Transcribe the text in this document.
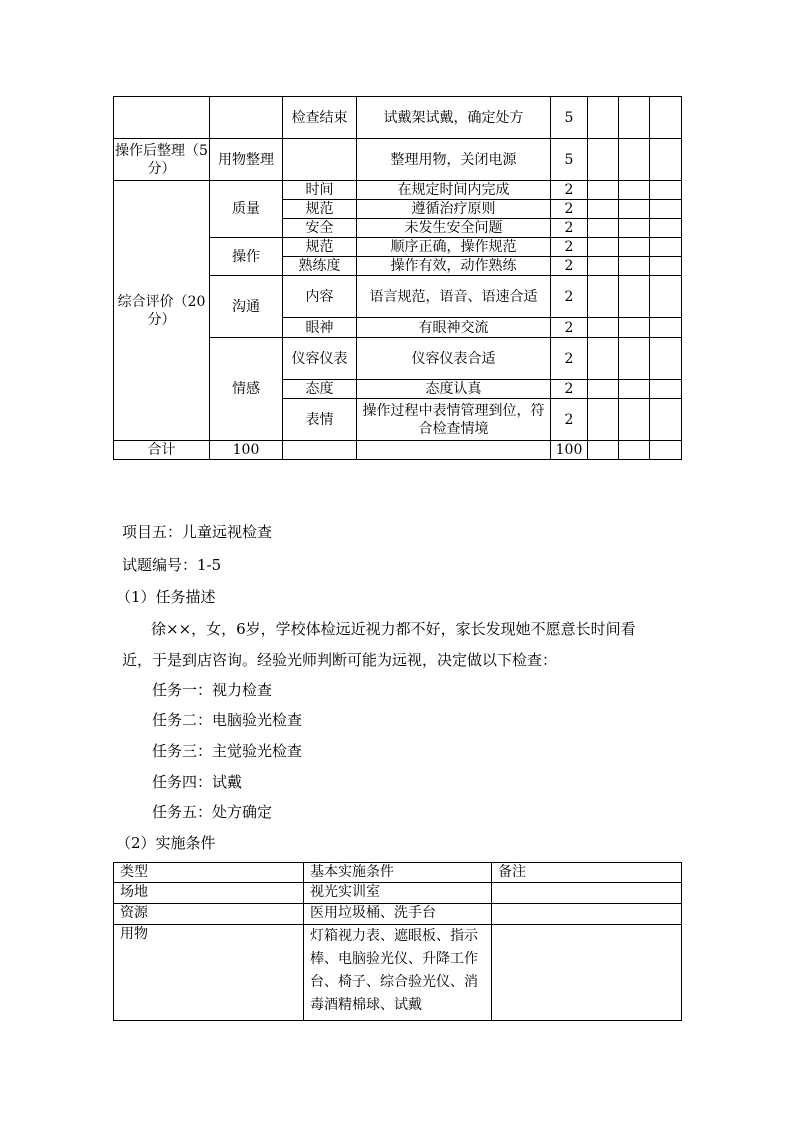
		检查结束	试戴架试戴，确定处方	5			
操作后整理（5分）	用物整理		整理用物，关闭电源	5			
综合评价（20分）	质量	时间	在规定时间内完成	2			
		规范	遵循治疗原则	2			
		安全	未发生安全问题	2			
	操作	规范	顺序正确，操作规范	2			
		熟练度	操作有效，动作熟练	2			
	沟通	内容	语言规范，语音、语速合适	2			
		眼神	有眼神交流	2			
	情感	仪容仪表	仪容仪表合适	2			
		态度	态度认真	2			
		表情	操作过程中表情管理到位，符合检查情境	2			
合计	100			100			
项目五：儿童远视检查
试题编号：1-5
（1）任务描述
徐××，女，6岁，学校体检远近视力都不好，家长发现她不愿意长时间看
近，于是到店咨询。经验光师判断可能为远视，决定做以下检查：
任务一：视力检查
任务二：电脑验光检查
任务三：主觉验光检查
任务四：试戴
任务五：处方确定
（2）实施条件
类型	基本实施条件	备注
场地	视光实训室	
资源	医用垃圾桶、洗手台	
用物	灯箱视力表、遮眼板、指示棒、电脑验光仪、升降工作台、椅子、综合验光仪、消毒酒精棉球、试戴	
